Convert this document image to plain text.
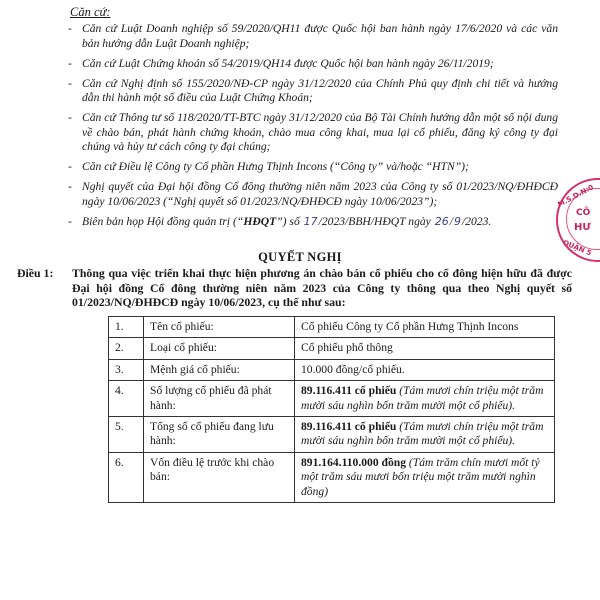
Căn cứ:
- Căn cứ Luật Doanh nghiệp số 59/2020/QH11 được Quốc hội ban hành ngày 17/6/2020 và các văn bản hướng dẫn Luật Doanh nghiệp;
- Căn cứ Luật Chứng khoán số 54/2019/QH14 được Quốc hội ban hành ngày 26/11/2019;
- Căn cứ Nghị định số 155/2020/NĐ-CP ngày 31/12/2020 của Chính Phủ quy định chi tiết và hướng dẫn thi hành một số điều của Luật Chứng Khoán;
- Căn cứ Thông tư số 118/2020/TT-BTC ngày 31/12/2020 của Bộ Tài Chính hướng dẫn một số nội dung về chào bán, phát hành chứng khoán, chào mua công khai, mua lại cổ phiếu, đăng ký công ty đại chúng và hủy tư cách công ty đại chúng;
- Căn cứ Điều lệ Công ty Cổ phần Hưng Thịnh Incons (“Công ty” và/hoặc “HTN”);
- Nghị quyết của Đại hội đồng Cổ đông thường niên năm 2023 của Công ty số 01/2023/NQ/ĐHĐCĐ ngày 10/06/2023 (“Nghị quyết số 01/2023/NQ/ĐHĐCĐ ngày 10/06/2023”);
- Biên bản họp Hội đồng quản trị (“HĐQT”) số 17/2023/BBH/HĐQT ngày 26/9/2023.
QUYẾT NGHỊ
Điều 1: Thông qua việc triển khai thực hiện phương án chào bán cổ phiếu cho cổ đông hiện hữu đã được Đại hội đồng Cổ đông thường niên năm 2023 của Công ty thông qua theo Nghị quyết số 01/2023/NQ/ĐHĐCĐ ngày 10/06/2023, cụ thể như sau:
1.	Tên cổ phiếu:	Cổ phiếu Công ty Cổ phần Hưng Thịnh Incons
2.	Loại cổ phiếu:	Cổ phiếu phổ thông
3.	Mệnh giá cổ phiếu:	10.000 đồng/cổ phiếu.
4.	Số lượng cổ phiếu đã phát hành:	89.116.411 cổ phiếu (Tám mươi chín triệu một trăm mười sáu nghìn bốn trăm mười một cổ phiếu).
5.	Tổng số cổ phiếu đang lưu hành:	89.116.411 cổ phiếu (Tám mươi chín triệu một trăm mười sáu nghìn bốn trăm mười một cổ phiếu).
6.	Vốn điều lệ trước khi chào bán:	891.164.110.000 đồng (Tám trăm chín mươi mốt tỷ một trăm sáu mươi bốn triệu một trăm mười nghìn đồng)
M.S.D.N:0
CÔ
HƯ
QUẬN 5
